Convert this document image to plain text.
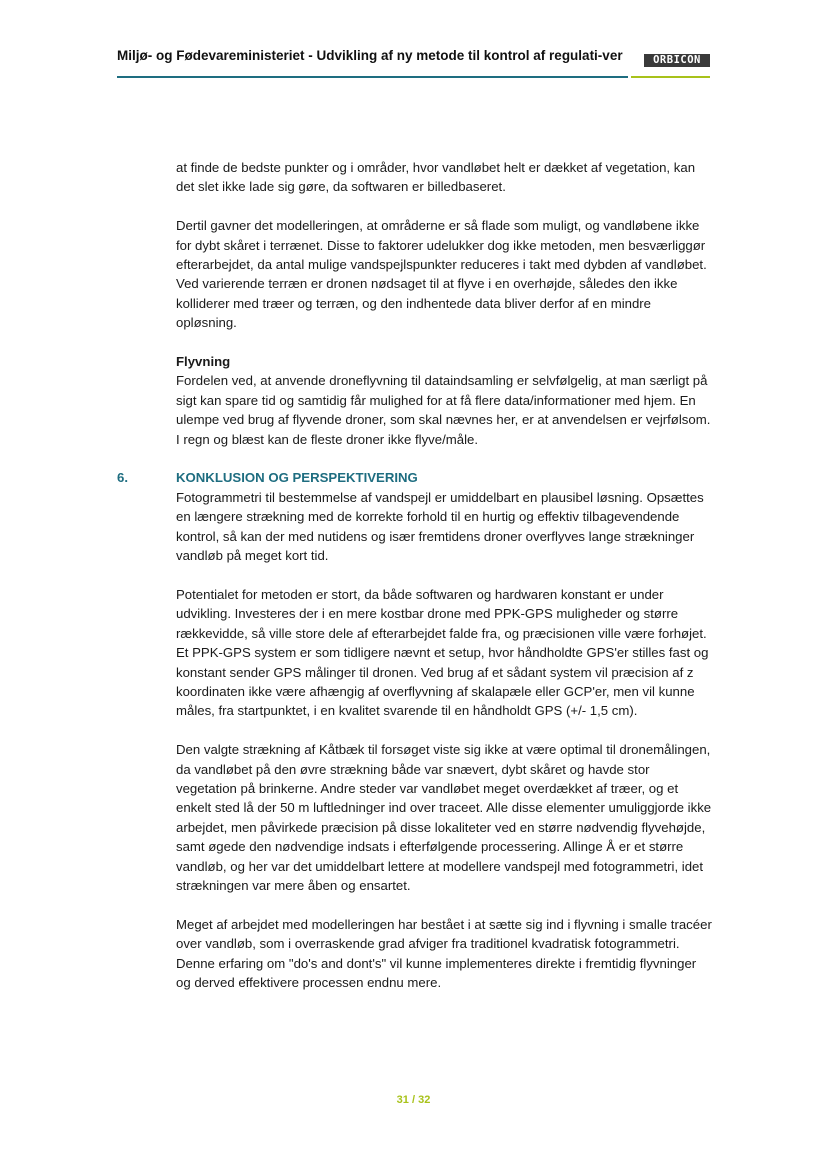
Miljø- og Fødevareministeriet - Udvikling af ny metode til kontrol af regulati-ver	ORBICON

at finde de bedste punkter og i områder, hvor vandløbet helt er dækket af vegetation, kan det slet ikke lade sig gøre, da softwaren er billedbaseret.

Dertil gavner det modelleringen, at områderne er så flade som muligt, og vandløbene ikke for dybt skåret i terrænet. Disse to faktorer udelukker dog ikke metoden, men besværliggør efterarbejdet, da antal mulige vandspejlspunkter reduceres i takt med dybden af vandløbet. Ved varierende terræn er dronen nødsaget til at flyve i en overhøjde, således den ikke kolliderer med træer og terræn, og den indhentede data bliver derfor af en mindre opløsning.

Flyvning

Fordelen ved, at anvende droneflyvning til dataindsamling er selvfølgelig, at man særligt på sigt kan spare tid og samtidig får mulighed for at få flere data/informationer med hjem. En ulempe ved brug af flyvende droner, som skal nævnes her, er at anvendelsen er vejrfølsom. I regn og blæst kan de fleste droner ikke flyve/måle.

6.	KONKLUSION OG PERSPEKTIVERING

Fotogrammetri til bestemmelse af vandspejl er umiddelbart en plausibel løsning. Opsættes en længere strækning med de korrekte forhold til en hurtig og effektiv tilbagevendende kontrol, så kan der med nutidens og især fremtidens droner overflyves lange strækninger vandløb på meget kort tid.

Potentialet for metoden er stort, da både softwaren og hardwaren konstant er under udvikling. Investeres der i en mere kostbar drone med PPK-GPS muligheder og større rækkevidde, så ville store dele af efterarbejdet falde fra, og præcisionen ville være forhøjet. Et PPK-GPS system er som tidligere nævnt et setup, hvor håndholdte GPS'er stilles fast og konstant sender GPS målinger til dronen. Ved brug af et sådant system vil præcision af z koordinaten ikke være afhængig af overflyvning af skalapæle eller GCP'er, men vil kunne måles, fra startpunktet, i en kvalitet svarende til en håndholdt GPS (+/- 1,5 cm).

Den valgte strækning af Kåtbæk til forsøget viste sig ikke at være optimal til dronemålingen, da vandløbet på den øvre strækning både var snævert, dybt skåret og havde stor vegetation på brinkerne. Andre steder var vandløbet meget overdækket af træer, og et enkelt sted lå der 50 m luftledninger ind over traceet. Alle disse elementer umuliggjorde ikke arbejdet, men påvirkede præcision på disse lokaliteter ved en større nødvendig flyvehøjde, samt øgede den nødvendige indsats i efterfølgende processering. Allinge Å er et større vandløb, og her var det umiddelbart lettere at modellere vandspejl med fotogrammetri, idet strækningen var mere åben og ensartet.

Meget af arbejdet med modelleringen har bestået i at sætte sig ind i flyvning i smalle tracéer over vandløb, som i overraskende grad afviger fra traditionel kvadratisk fotogrammetri. Denne erfaring om "do's and dont's" vil kunne implementeres direkte i fremtidig flyvninger og derved effektivere processen endnu mere.

31 / 32
